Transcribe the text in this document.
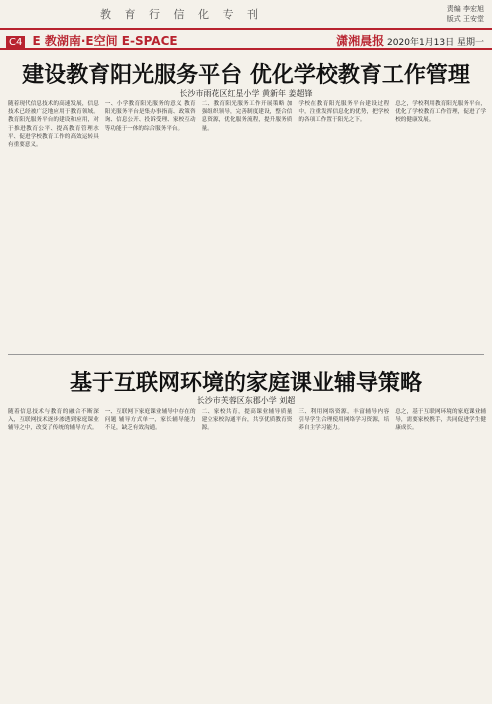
教 育 行 信 化 专 刊	责编 李宏旭
版式 王安堂
C4 E 教湖南·E空间 E-SPACE	潇湘晨报 2020年1月13日 星期一
建设教育阳光服务平台 优化学校教育工作管理
长沙市雨花区红星小学 黄新年 姜超锋
随着现代信息技术的高速发展，信息技术已经被广泛地应用于教育领域。教育阳光服务平台的建设和应用，对于推进教育公平、提高教育管理水平、促进学校教育工作的高效运转具有重要意义。
一、小学教育阳光服务的意义 教育阳光服务平台是集办事指南、政策咨询、信息公开、投诉受理、家校互动等功能于一体的综合服务平台。
二、教育阳光服务工作开展策略 加强组织领导，完善制度建设，整合信息资源，优化服务流程，提升服务质量。
学校在教育阳光服务平台建设过程中，注重发挥信息化的优势，把学校的各项工作置于阳光之下。
总之，学校利用教育阳光服务平台，优化了学校教育工作管理，促进了学校的健康发展。
基于互联网环境的家庭课业辅导策略
长沙市芙蓉区东郡小学 刘超
随着信息技术与教育的融合不断深入，互联网技术逐步渗透到家庭课业辅导之中，改变了传统的辅导方式。
一、互联网下家庭课业辅导中存在的问题 辅导方式单一，家长辅导能力不足，缺乏有效沟通。
二、家校共育，提高课业辅导质量 建立家校沟通平台，共享优质教育资源。
三、利用网络资源，丰富辅导内容 引导学生合理使用网络学习资源，培养自主学习能力。
总之，基于互联网环境的家庭课业辅导，需要家校携手，共同促进学生健康成长。
